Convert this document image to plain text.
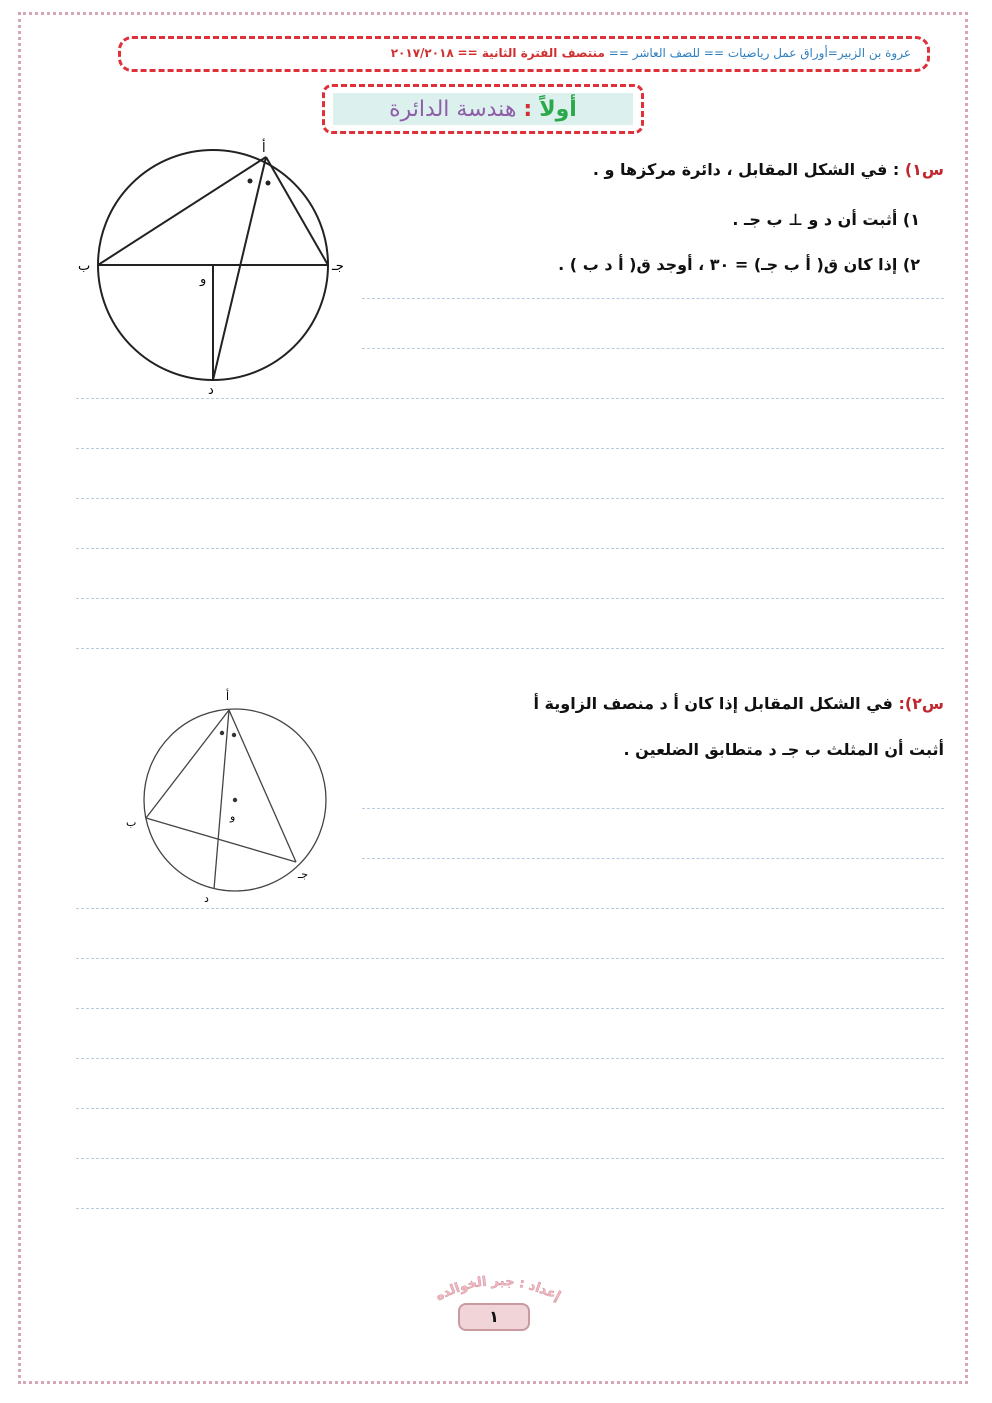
عروة بن الزبير=أوراق عمل رياضيات == للصف العاشر == منتصف الفترة الثانية == ٢٠١٧/٢٠١٨
أولاً : هندسة الدائرة
س١) : في الشكل المقابل ، دائرة مركزها و .
١) أثبت أن د و ⊥ ب جـ .
٢) إذا كان ق( ﺃ ب جـ) = ٣٠ ، أوجد ق( ﺃ د ب ) .
ﺃ
ب	جـ
و
د
س٢): في الشكل المقابل إذا كان ﺃ د منصف الزاوية ﺃ
أثبت أن المثلث ب جـ د متطابق الضلعين .
ﺃ
ب
جـ
و
د
إعداد : جبر الخوالده
١
